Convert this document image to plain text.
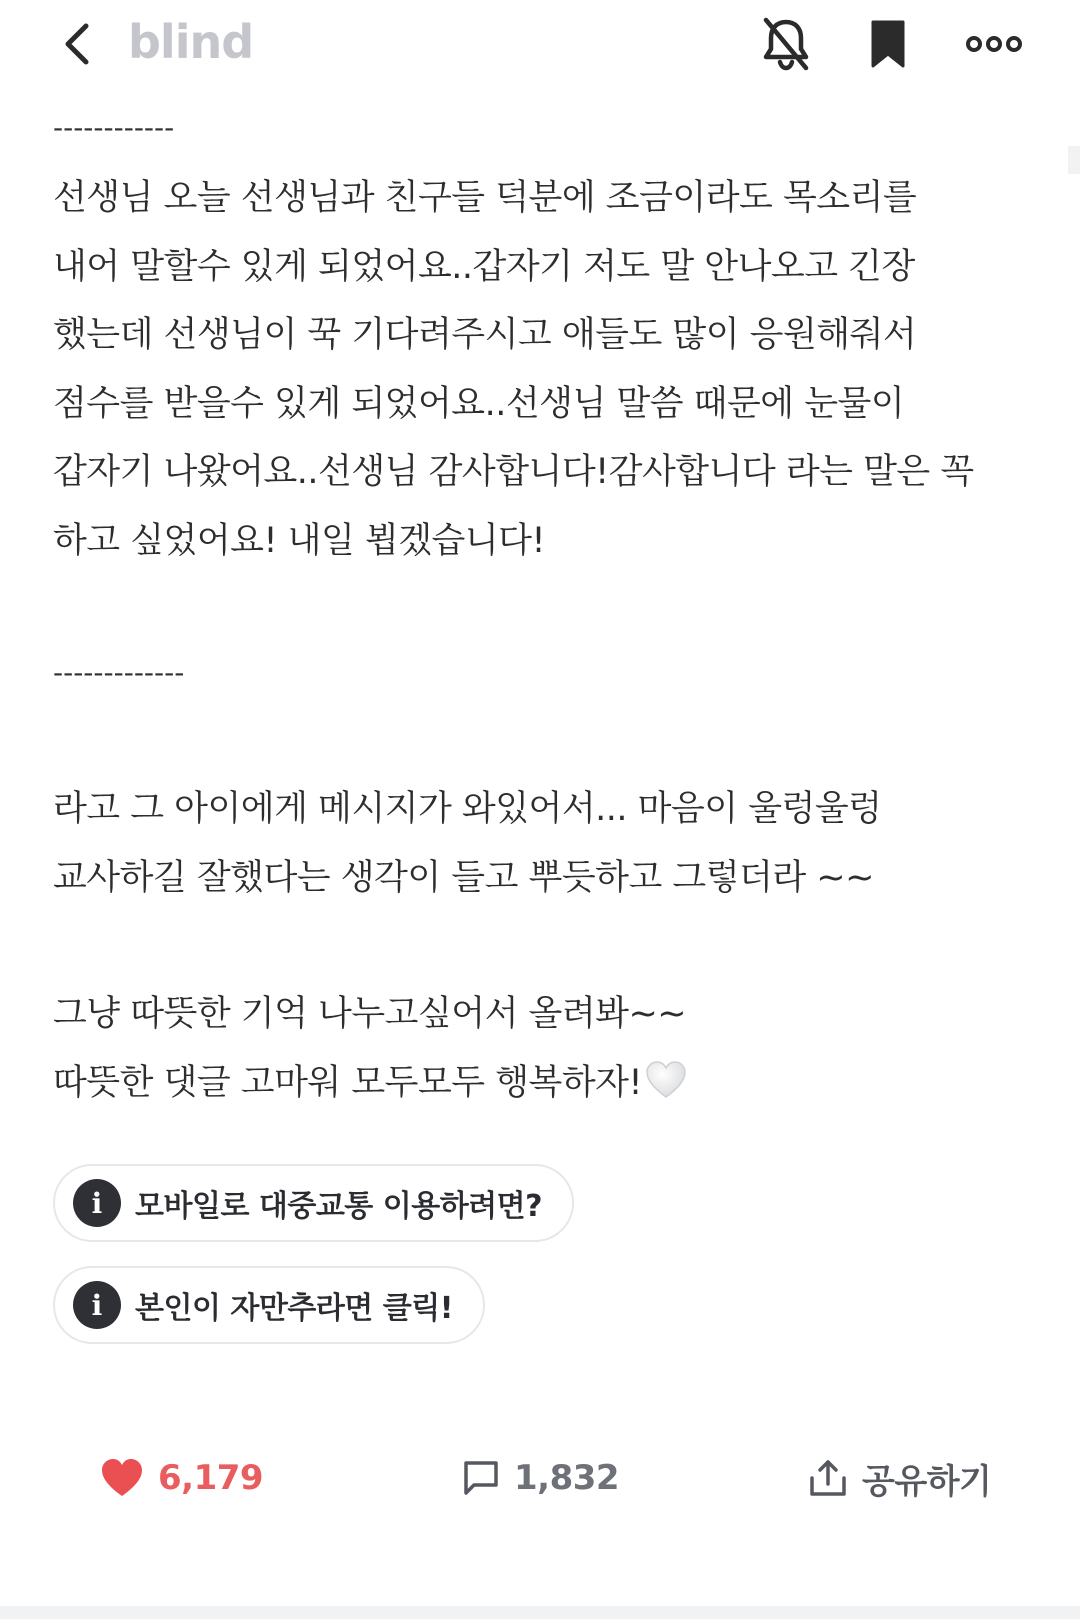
blind
------------
선생님 오늘 선생님과 친구들 덕분에 조금이라도 목소리를
내어 말할수 있게 되었어요..갑자기 저도 말 안나오고 긴장
했는데 선생님이 꾹 기다려주시고 애들도 많이 응원해줘서
점수를 받을수 있게 되었어요..선생님 말씀 때문에 눈물이
갑자기 나왔어요..선생님 감사합니다!감사합니다 라는 말은 꼭
하고 싶었어요! 내일 뵙겠습니다!
-------------
라고 그 아이에게 메시지가 와있어서... 마음이 울렁울렁
교사하길 잘했다는 생각이 들고 뿌듯하고 그렇더라 ~~
그냥 따뜻한 기억 나누고싶어서 올려봐~~
따뜻한 댓글 고마워 모두모두 행복하자!
i	모바일로 대중교통 이용하려면?
i	본인이 자만추라면 클릭!
6,179	1,832	공유하기
